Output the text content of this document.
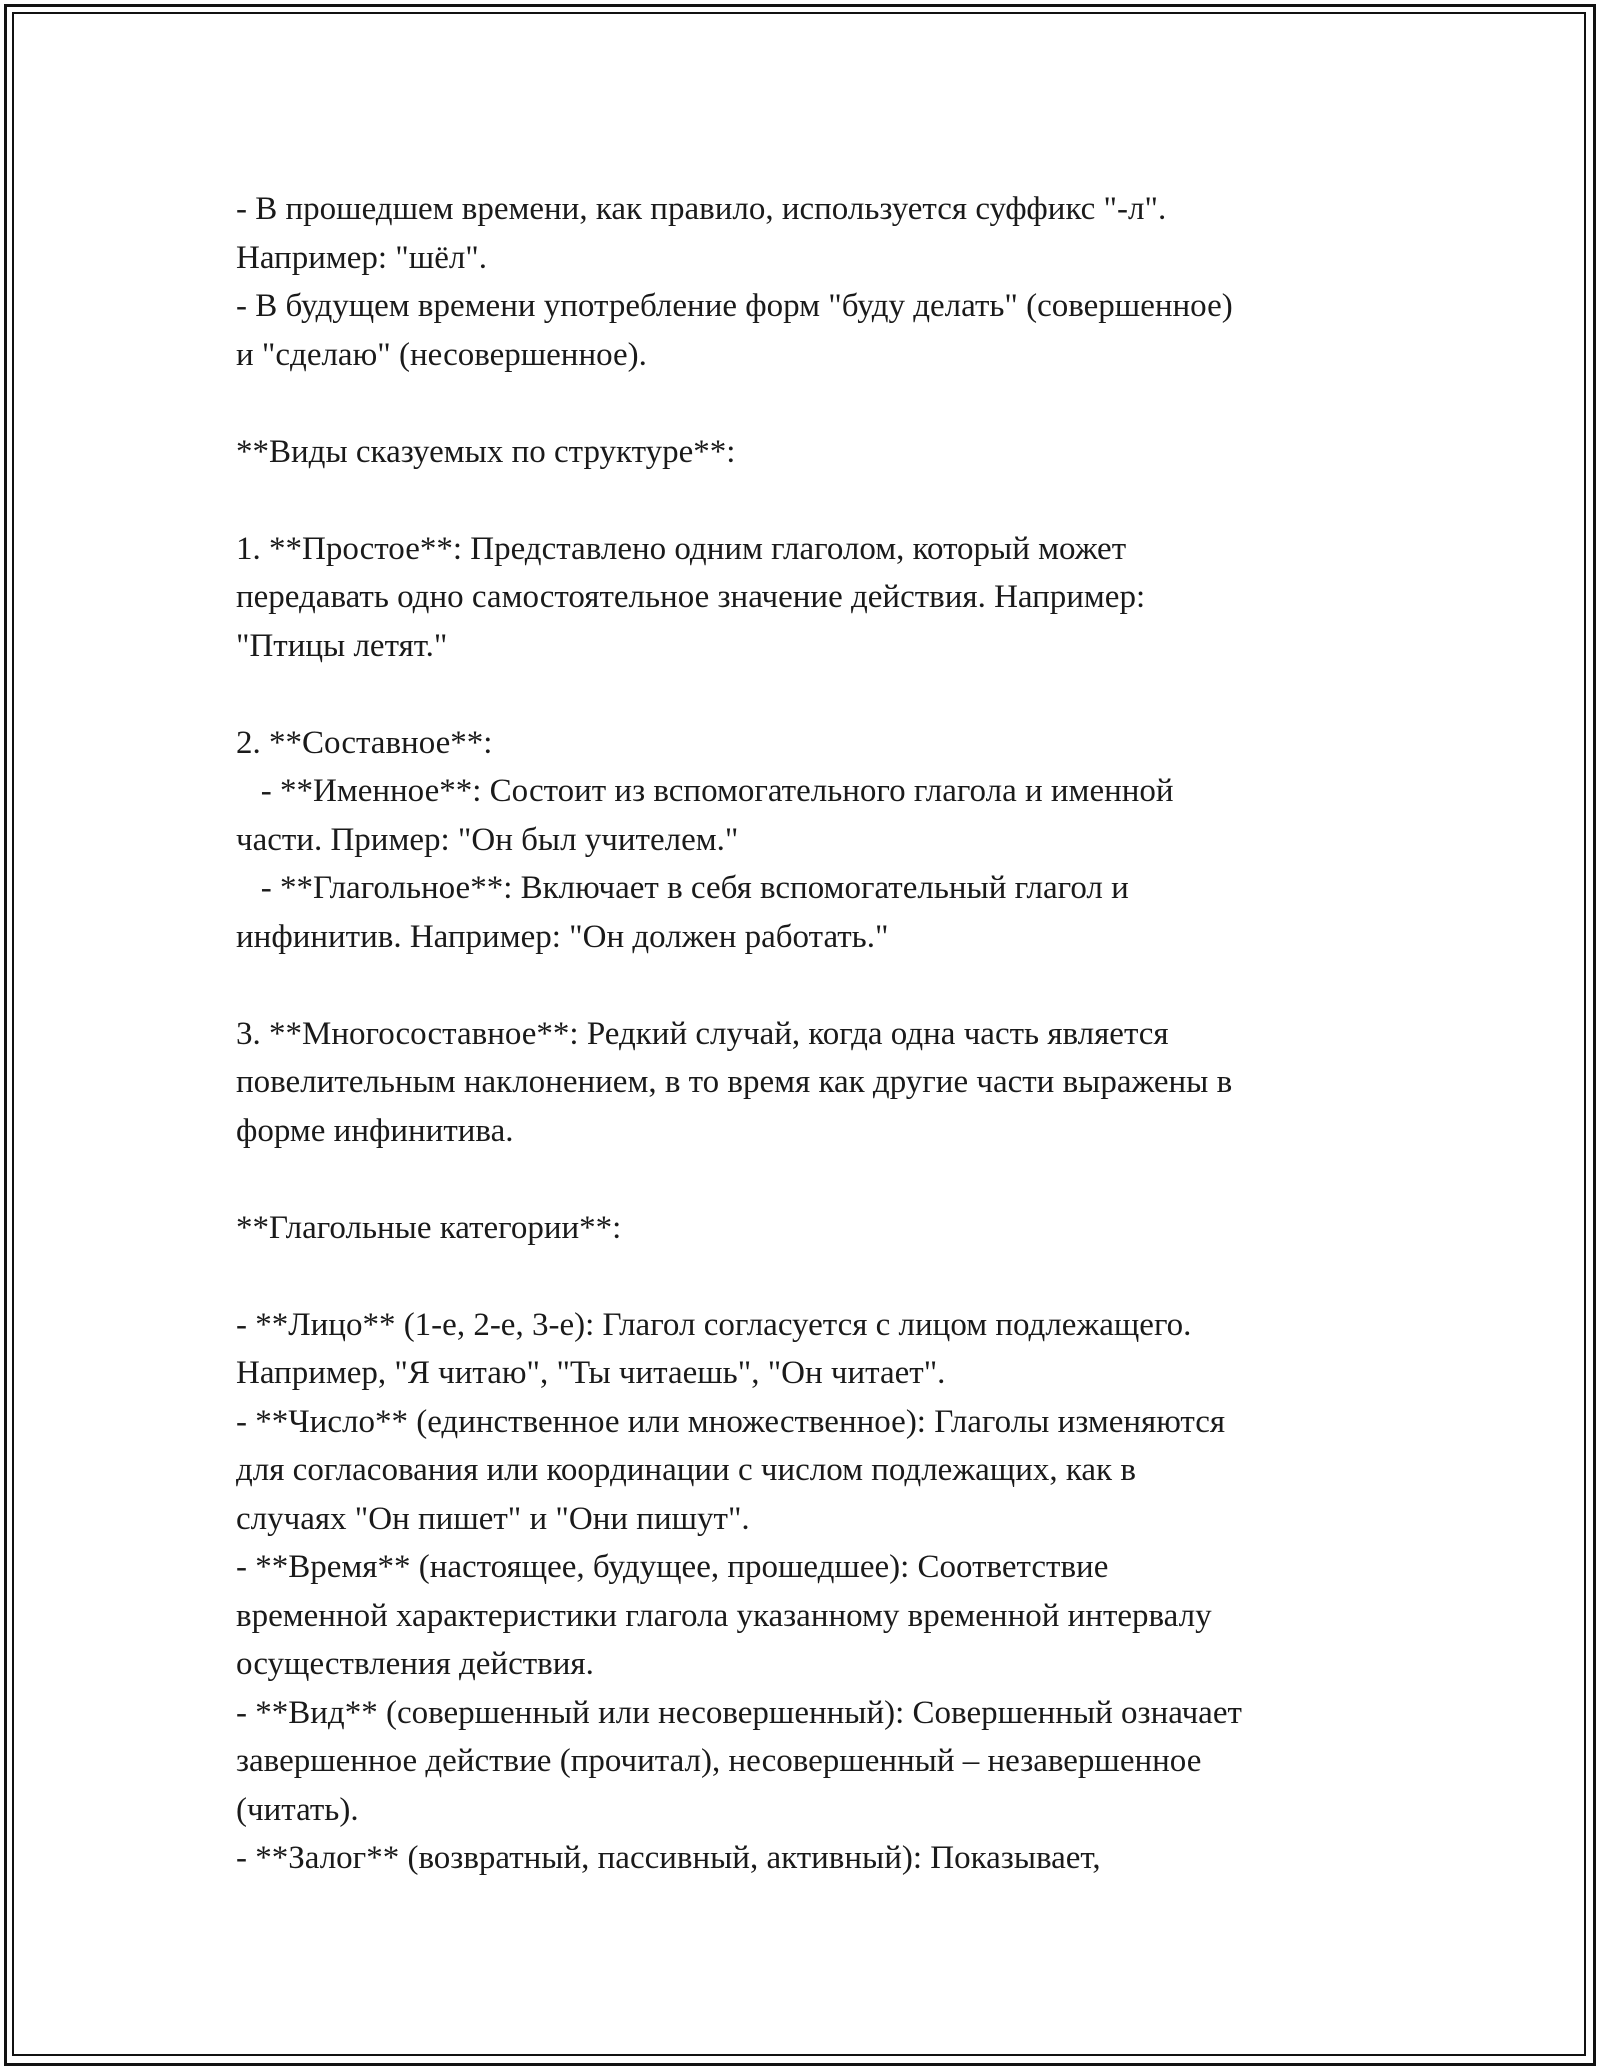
- В прошедшем времени, как правило, используется суффикс "-л".
Например: "шёл".
- В будущем времени употребление форм "буду делать" (совершенное)
и "сделаю" (несовершенное).
**Виды сказуемых по структуре**:
1. **Простое**: Представлено одним глаголом, который может
передавать одно самостоятельное значение действия. Например:
"Птицы летят."
2. **Составное**:
- **Именное**: Состоит из вспомогательного глагола и именной
части. Пример: "Он был учителем."
- **Глагольное**: Включает в себя вспомогательный глагол и
инфинитив. Например: "Он должен работать."
3. **Многосоставное**: Редкий случай, когда одна часть является
повелительным наклонением, в то время как другие части выражены в
форме инфинитива.
**Глагольные категории**:
- **Лицо** (1-е, 2-е, 3-е): Глагол согласуется с лицом подлежащего.
Например, "Я читаю", "Ты читаешь", "Он читает".
- **Число** (единственное или множественное): Глаголы изменяются
для согласования или координации с числом подлежащих, как в
случаях "Он пишет" и "Они пишут".
- **Время** (настоящее, будущее, прошедшее): Соответствие
временной характеристики глагола указанному временной интервалу
осуществления действия.
- **Вид** (совершенный или несовершенный): Совершенный означает
завершенное действие (прочитал), несовершенный – незавершенное
(читать).
- **Залог** (возвратный, пассивный, активный): Показывает,
